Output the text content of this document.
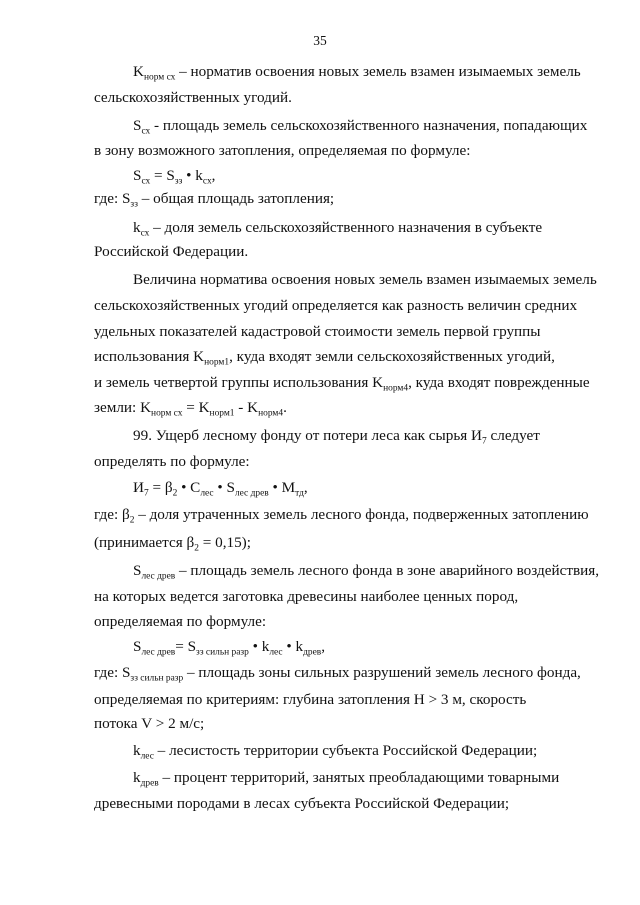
35
$K_{норм сх}$ – норматив освоения новых земель взамен изымаемых земель
сельскохозяйственных угодий.
$S_{сх}$ - площадь земель сельскохозяйственного назначения, попадающих
в зону возможного затопления, определяемая по формуле:
$S_{сх} = S_{зз}$ • $k_{сх}$,
где: $S_{зз}$ – общая площадь затопления;
$k_{сх}$ – доля земель сельскохозяйственного назначения в субъекте
Российской Федерации.
Величина норматива освоения новых земель взамен изымаемых земель
сельскохозяйственных угодий определяется как разность величин средних
удельных показателей кадастровой стоимости земель первой группы
использования $K_{норм1}$, куда входят земли сельскохозяйственных угодий,
и земель четвертой группы использования $K_{норм4}$, куда входят поврежденные
земли: $K_{норм сх} = K_{норм1} - K_{норм4}$.
99. Ущерб лесному фонду от потери леса как сырья $И_7$ следует
определять по формуле:
$И_7 = \beta_2$ • $С_{лес}$ • $S_{лес древ}$ • $М_{тд}$,
где: $\beta_2$ – доля утраченных земель лесного фонда, подверженных затоплению
(принимается $\beta_2 = 0,15$);
$S_{лес древ}$ – площадь земель лесного фонда в зоне аварийного воздействия,
на которых ведется заготовка древесины наиболее ценных пород,
определяемая по формуле:
$S_{лес древ}= S_{зз сильн разр}$ • $k_{лес}$ • $k_{древ}$,
где: $S_{зз сильн разр}$ – площадь зоны сильных разрушений земель лесного фонда,
определяемая по критериям: глубина затопления Н > 3 м, скорость
потока V > 2 м/с;
$k_{лес}$ – лесистость территории субъекта Российской Федерации;
$k_{древ}$ – процент территорий, занятых преобладающими товарными
древесными породами в лесах субъекта Российской Федерации;
